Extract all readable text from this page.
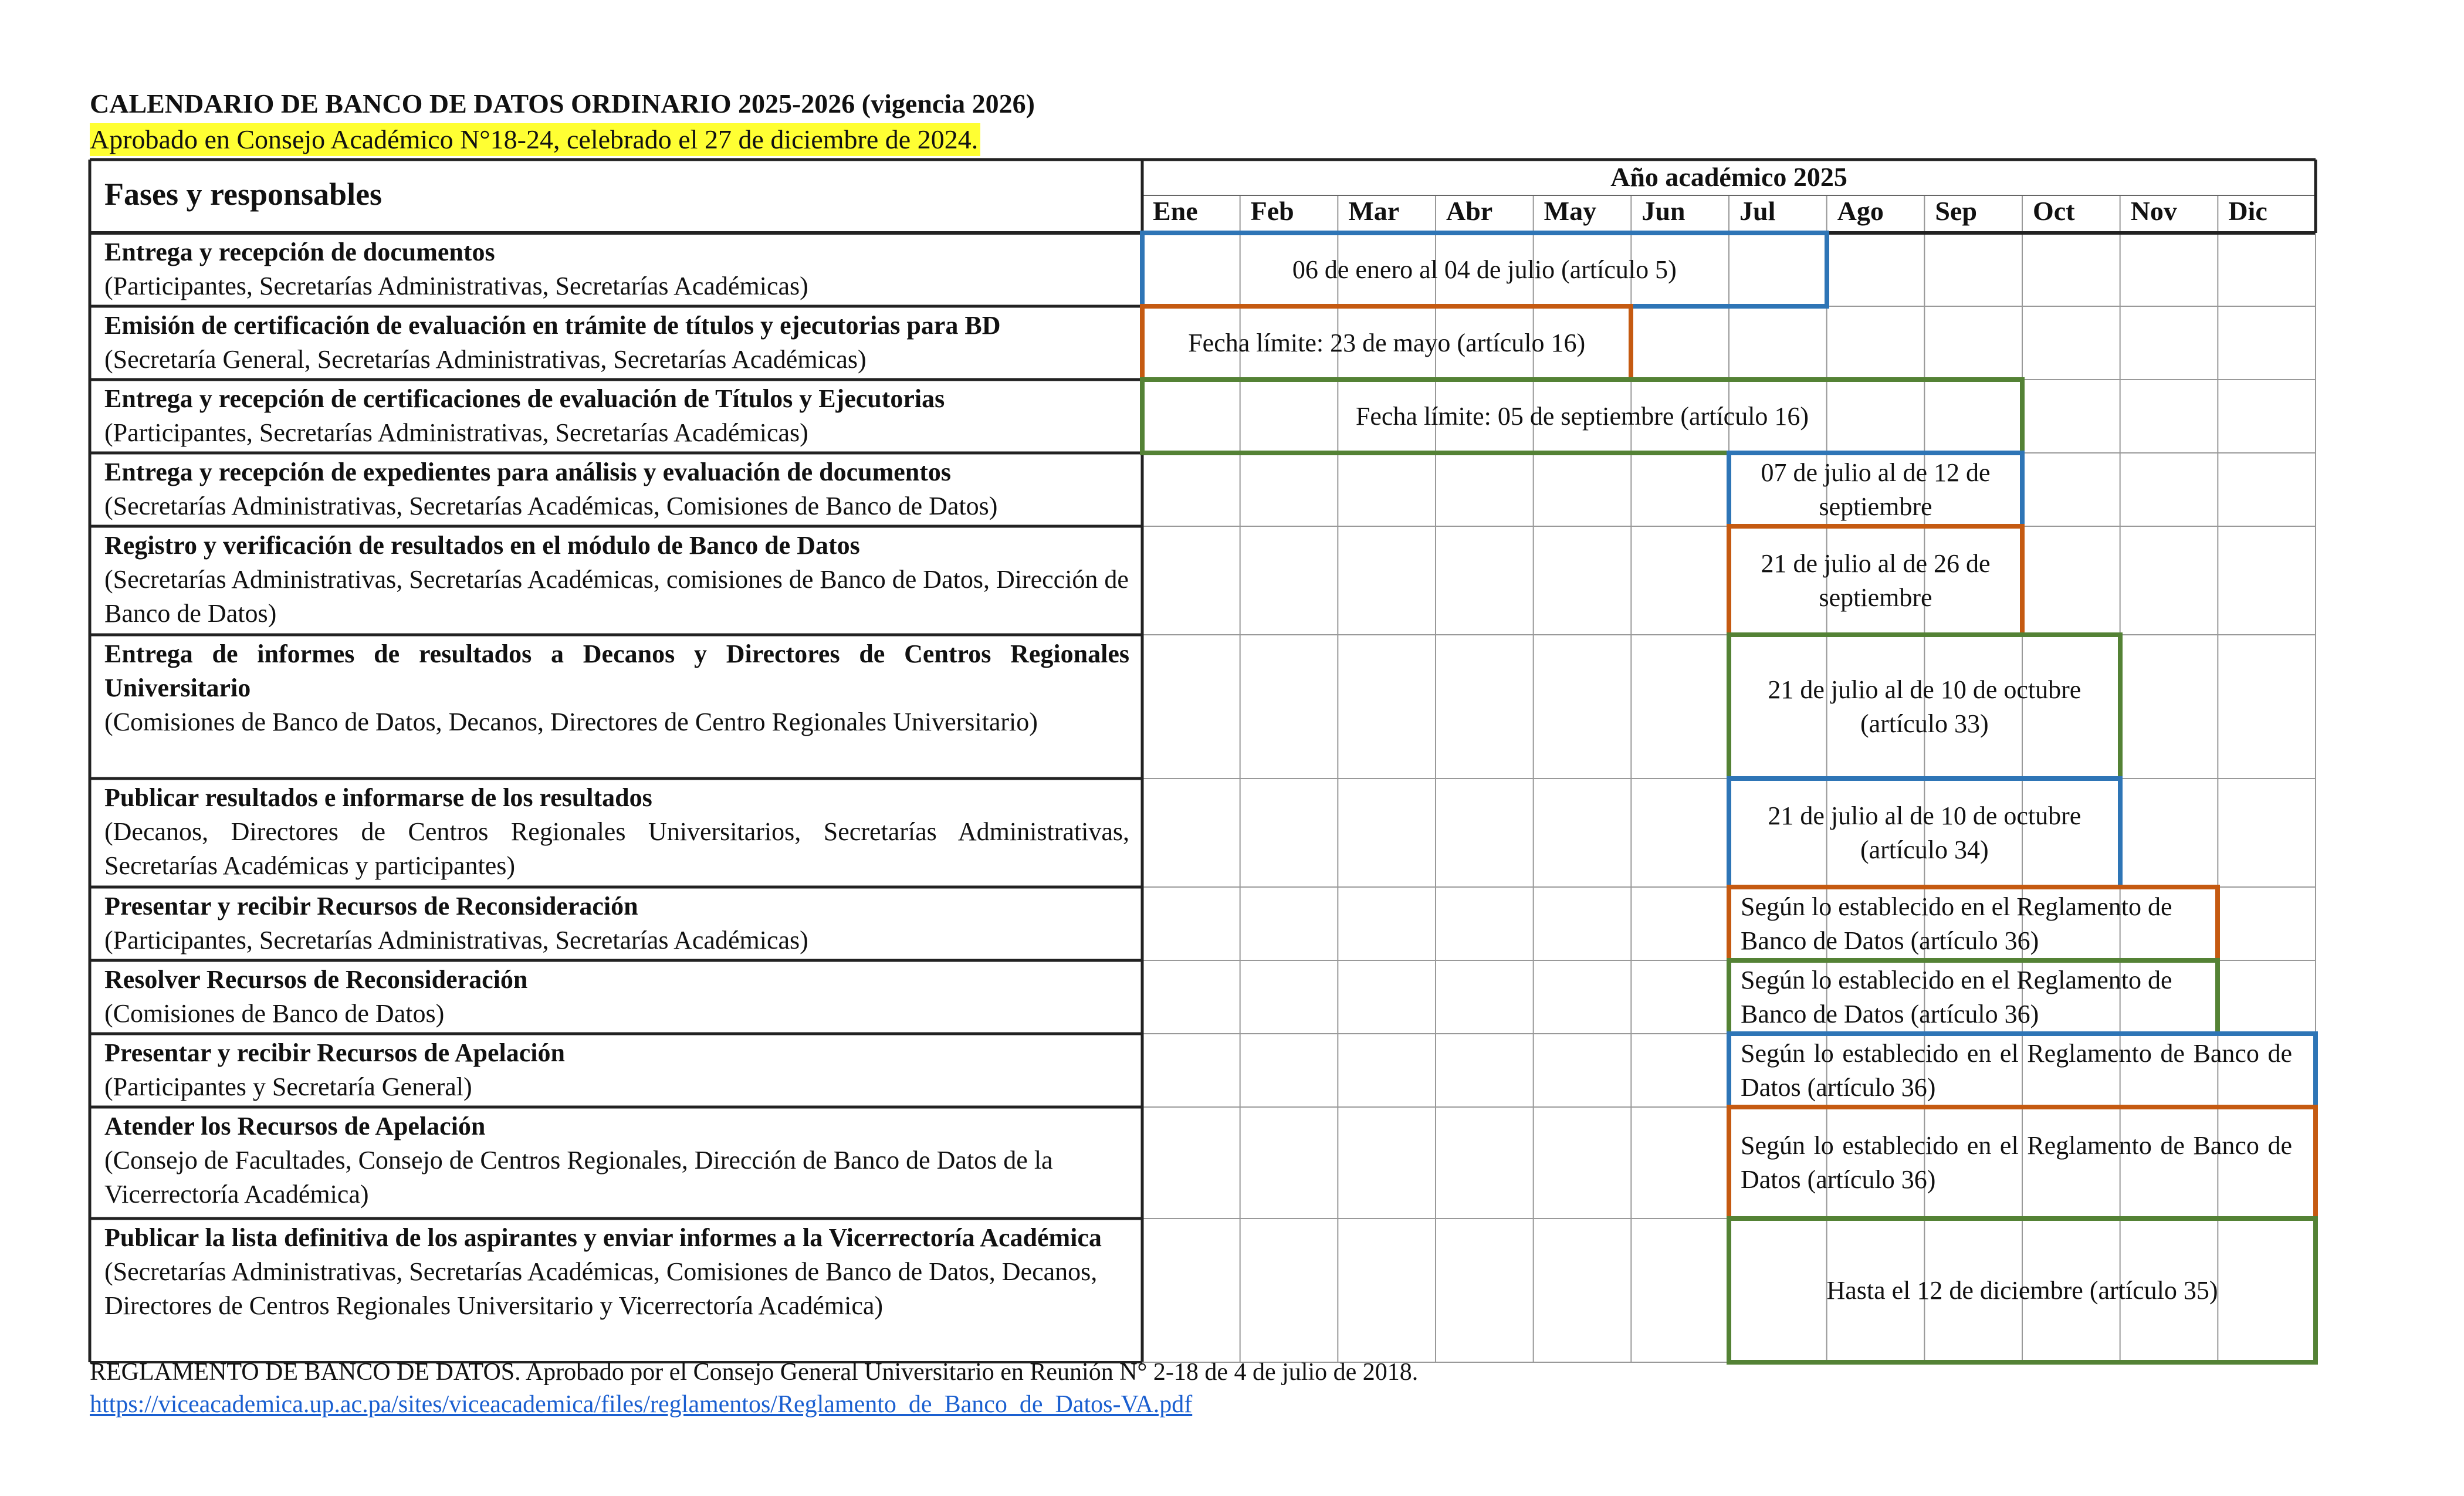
CALENDARIO DE BANCO DE DATOS ORDINARIO 2025-2026 (vigencia 2026)
Aprobado en Consejo Académico N°18-24, celebrado el 27 de diciembre de 2024.
Fases y responsables	Año académico 2025
Ene Feb Mar Abr May Jun Jul Ago Sep Oct Nov Dic
Entrega y recepción de documentos
(Participantes, Secretarías Administrativas, Secretarías Académicas)
Emisión de certificación de evaluación en trámite de títulos y ejecutorias para BD
(Secretaría General, Secretarías Administrativas, Secretarías Académicas)
Entrega y recepción de certificaciones de evaluación de Títulos y Ejecutorias
(Participantes, Secretarías Administrativas, Secretarías Académicas)
Entrega y recepción de expedientes para análisis y evaluación de documentos
(Secretarías Administrativas, Secretarías Académicas, Comisiones de Banco de Datos)
Registro y verificación de resultados en el módulo de Banco de Datos
(Secretarías Administrativas, Secretarías Académicas, comisiones de Banco de Datos, Dirección de Banco de Datos)
Entrega de informes de resultados a Decanos y Directores de Centros Regionales Universitario
(Comisiones de Banco de Datos, Decanos, Directores de Centro Regionales Universitario)
Publicar resultados e informarse de los resultados
(Decanos, Directores de Centros Regionales Universitarios, Secretarías Administrativas, Secretarías Académicas y participantes)
Presentar y recibir Recursos de Reconsideración
(Participantes, Secretarías Administrativas, Secretarías Académicas)
Resolver Recursos de Reconsideración
(Comisiones de Banco de Datos)
Presentar y recibir Recursos de Apelación
(Participantes y Secretaría General)
Atender los Recursos de Apelación
(Consejo de Facultades, Consejo de Centros Regionales, Dirección de Banco de Datos de la Vicerrectoría Académica)
Publicar la lista definitiva de los aspirantes y enviar informes a la Vicerrectoría Académica
(Secretarías Administrativas, Secretarías Académicas, Comisiones de Banco de Datos, Decanos, Directores de Centros Regionales Universitario y Vicerrectoría Académica)
06 de enero al 04 de julio (artículo 5)
Fecha límite: 23 de mayo (artículo 16)
Fecha límite: 05 de septiembre (artículo 16)
07 de julio al de 12 de septiembre
21 de julio al de 26 de septiembre
21 de julio al de 10 de octubre (artículo 33)
21 de julio al de 10 de octubre (artículo 34)
Según lo establecido en el Reglamento de Banco de Datos (artículo 36)
Según lo establecido en el Reglamento de Banco de Datos (artículo 36)
Según lo establecido en el Reglamento de Banco de Datos (artículo 36)
Según lo establecido en el Reglamento de Banco de Datos (artículo 36)
Hasta el 12 de diciembre (artículo 35)
REGLAMENTO DE BANCO DE DATOS. Aprobado por el Consejo General Universitario en Reunión N° 2-18 de 4 de julio de 2018.
https://viceacademica.up.ac.pa/sites/viceacademica/files/reglamentos/Reglamento_de_Banco_de_Datos-VA.pdf
